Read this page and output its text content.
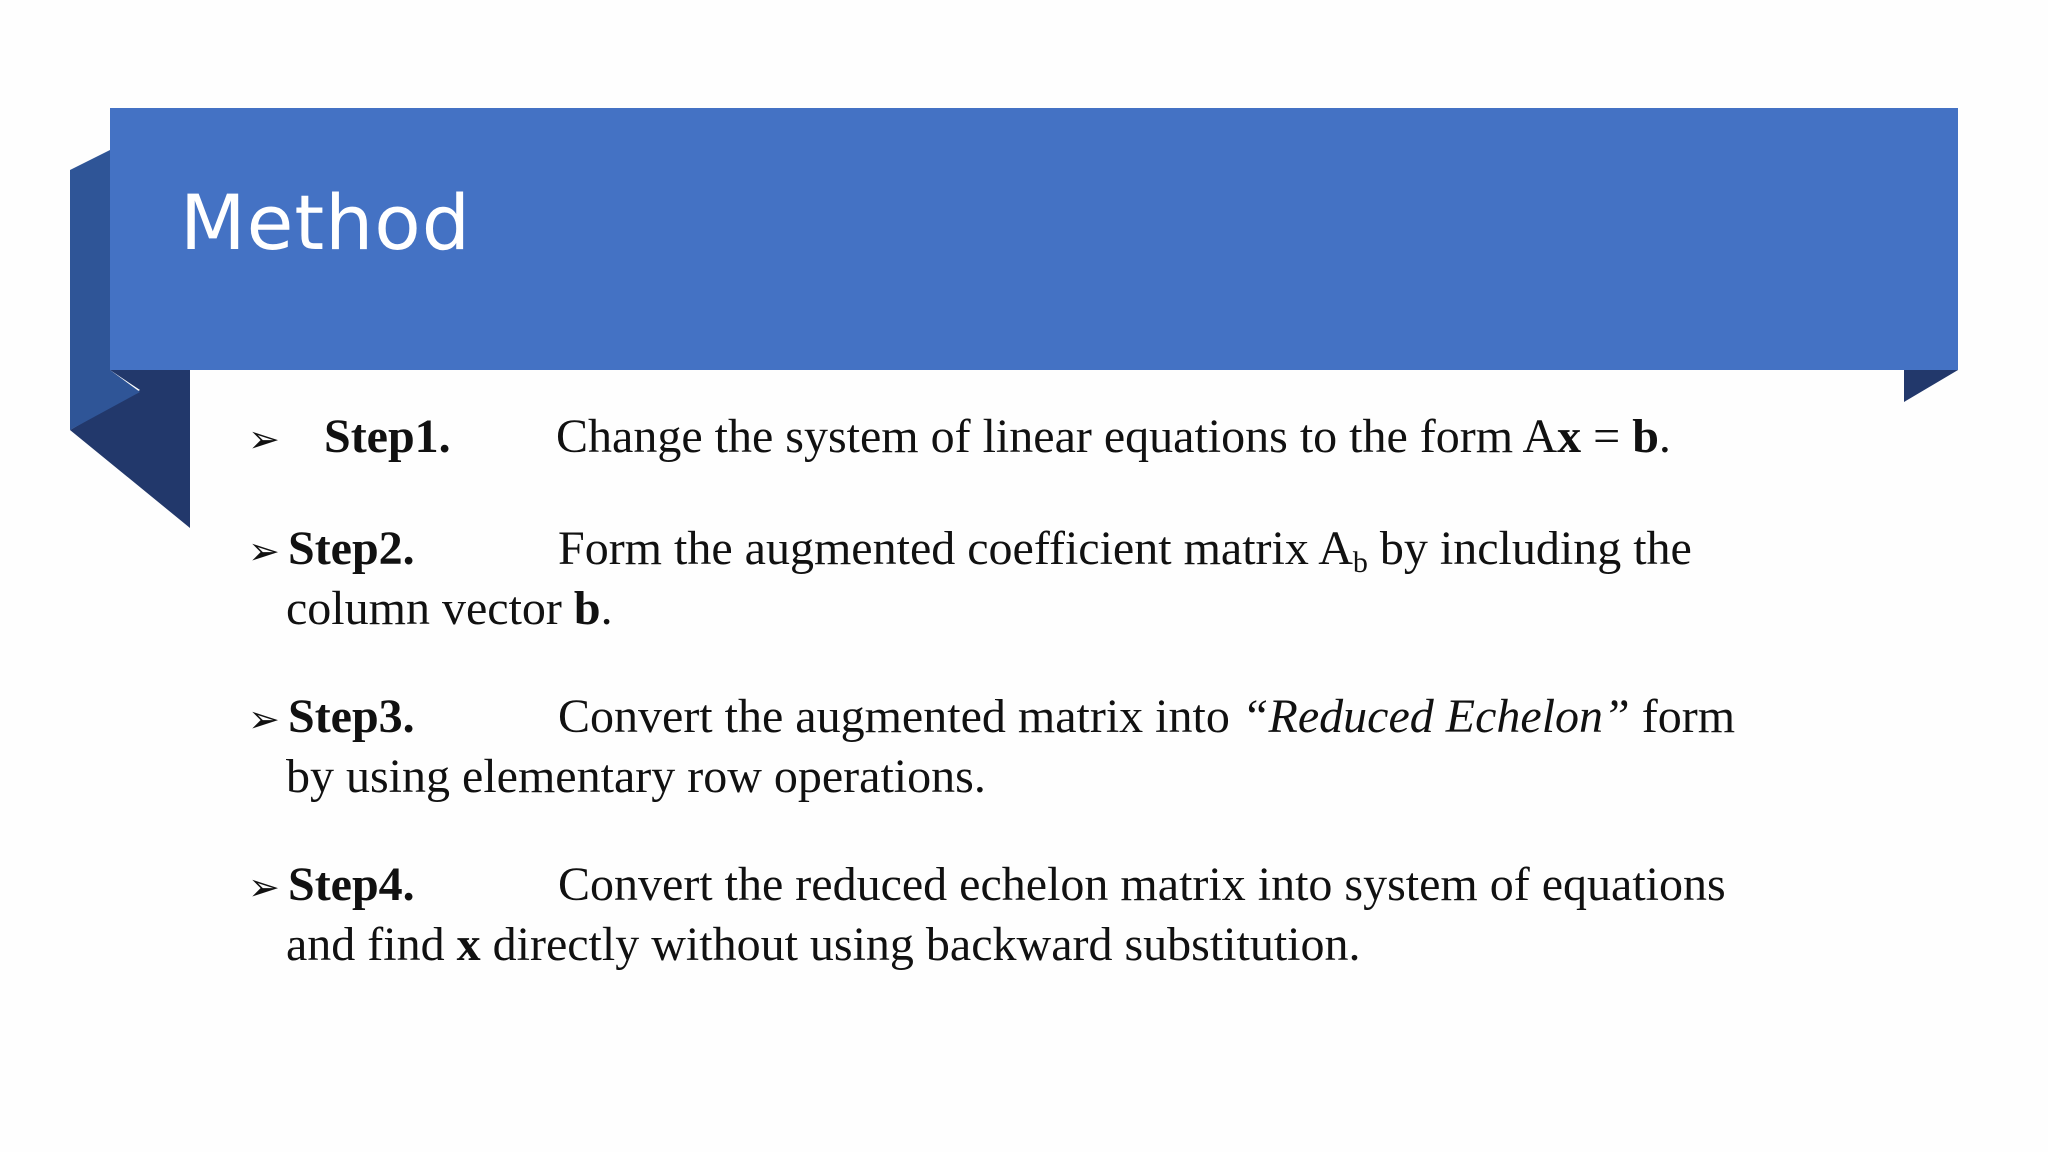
Method

➢ Step1. Change the system of linear equations to the form Ax = b.

➢ Step2.	Form the augmented coefficient matrix $A_b$ by including the
column vector b.

➢ Step3.	Convert the augmented matrix into “Reduced Echelon” form
by using elementary row operations.

➢ Step4.	Convert the reduced echelon matrix into system of equations
and find x directly without using backward substitution.
